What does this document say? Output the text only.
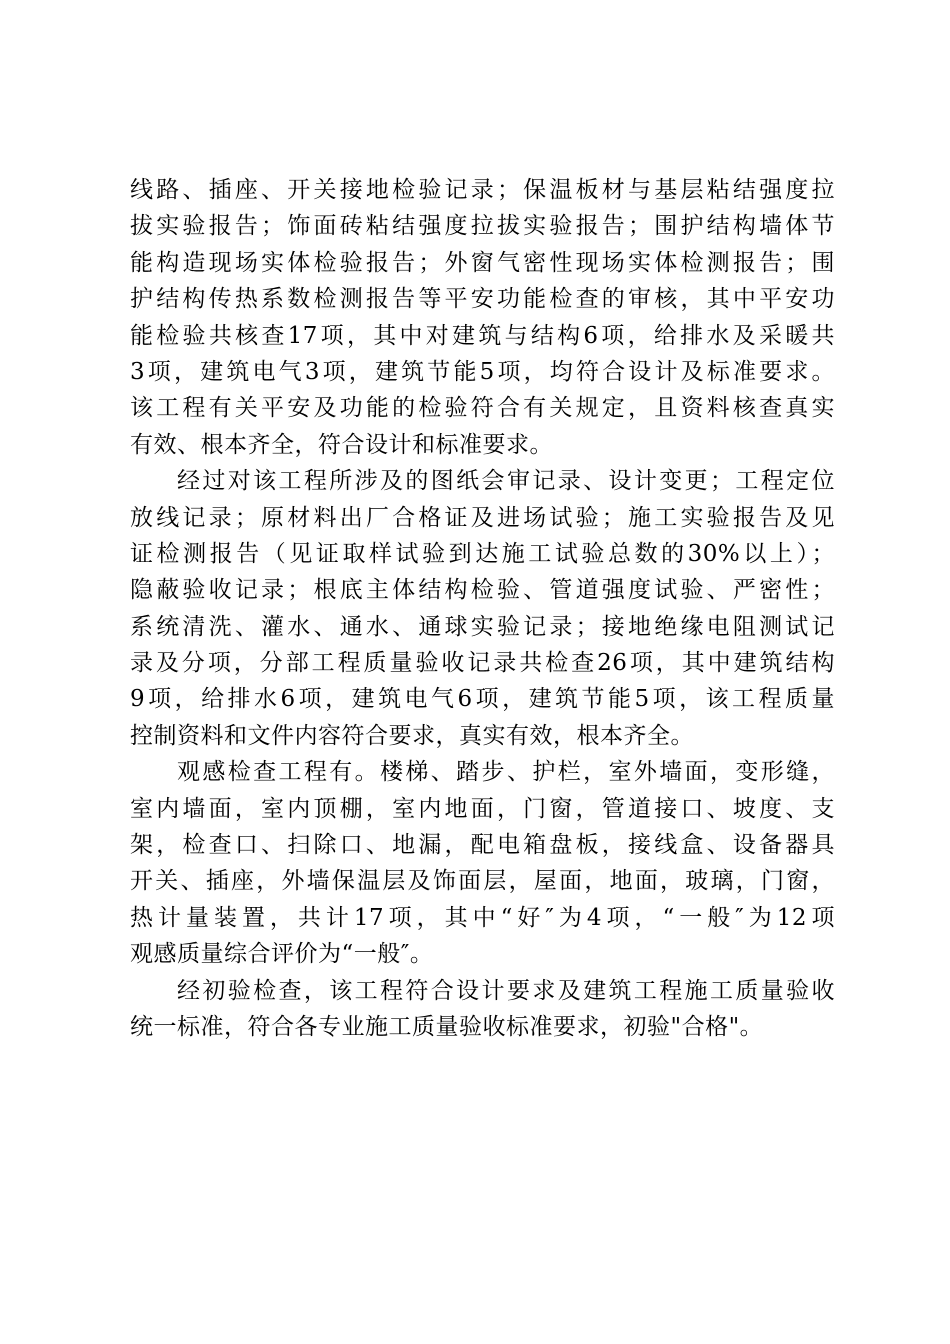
线路、插座、开关接地检验记录；保温板材与基层粘结强度拉
拔实验报告；饰面砖粘结强度拉拔实验报告；围护结构墙体节
能构造现场实体检验报告；外窗气密性现场实体检测报告；围
护结构传热系数检测报告等平安功能检查的审核，其中平安功
能检验共核查17项，其中对建筑与结构6项，给排水及采暖共
3项，建筑电气3项，建筑节能5项，均符合设计及标准要求。
该工程有关平安及功能的检验符合有关规定，且资料核查真实
有效、根本齐全，符合设计和标准要求。
经过对该工程所涉及的图纸会审记录、设计变更；工程定位
放线记录；原材料出厂合格证及进场试验；施工实验报告及见
证检测报告（见证取样试验到达施工试验总数的30%以上）；
隐蔽验收记录；根底主体结构检验、管道强度试验、严密性；
系统清洗、灌水、通水、通球实验记录；接地绝缘电阻测试记
录及分项，分部工程质量验收记录共检查26项，其中建筑结构
9项，给排水6项，建筑电气6项，建筑节能5项，该工程质量
控制资料和文件内容符合要求，真实有效，根本齐全。
观感检查工程有。楼梯、踏步、护栏，室外墙面，变形缝，
室内墙面，室内顶棚，室内地面，门窗，管道接口、坡度、支
架，检查口、扫除口、地漏，配电箱盘板，接线盒、设备器具
开关、插座，外墙保温层及饰面层，屋面，地面，玻璃，门窗，
热计量装置，共计17项，其中“好″为4项，“一般″为12项
观感质量综合评价为“一般″。
经初验检查，该工程符合设计要求及建筑工程施工质量验收
统一标准，符合各专业施工质量验收标准要求，初验"合格"。
